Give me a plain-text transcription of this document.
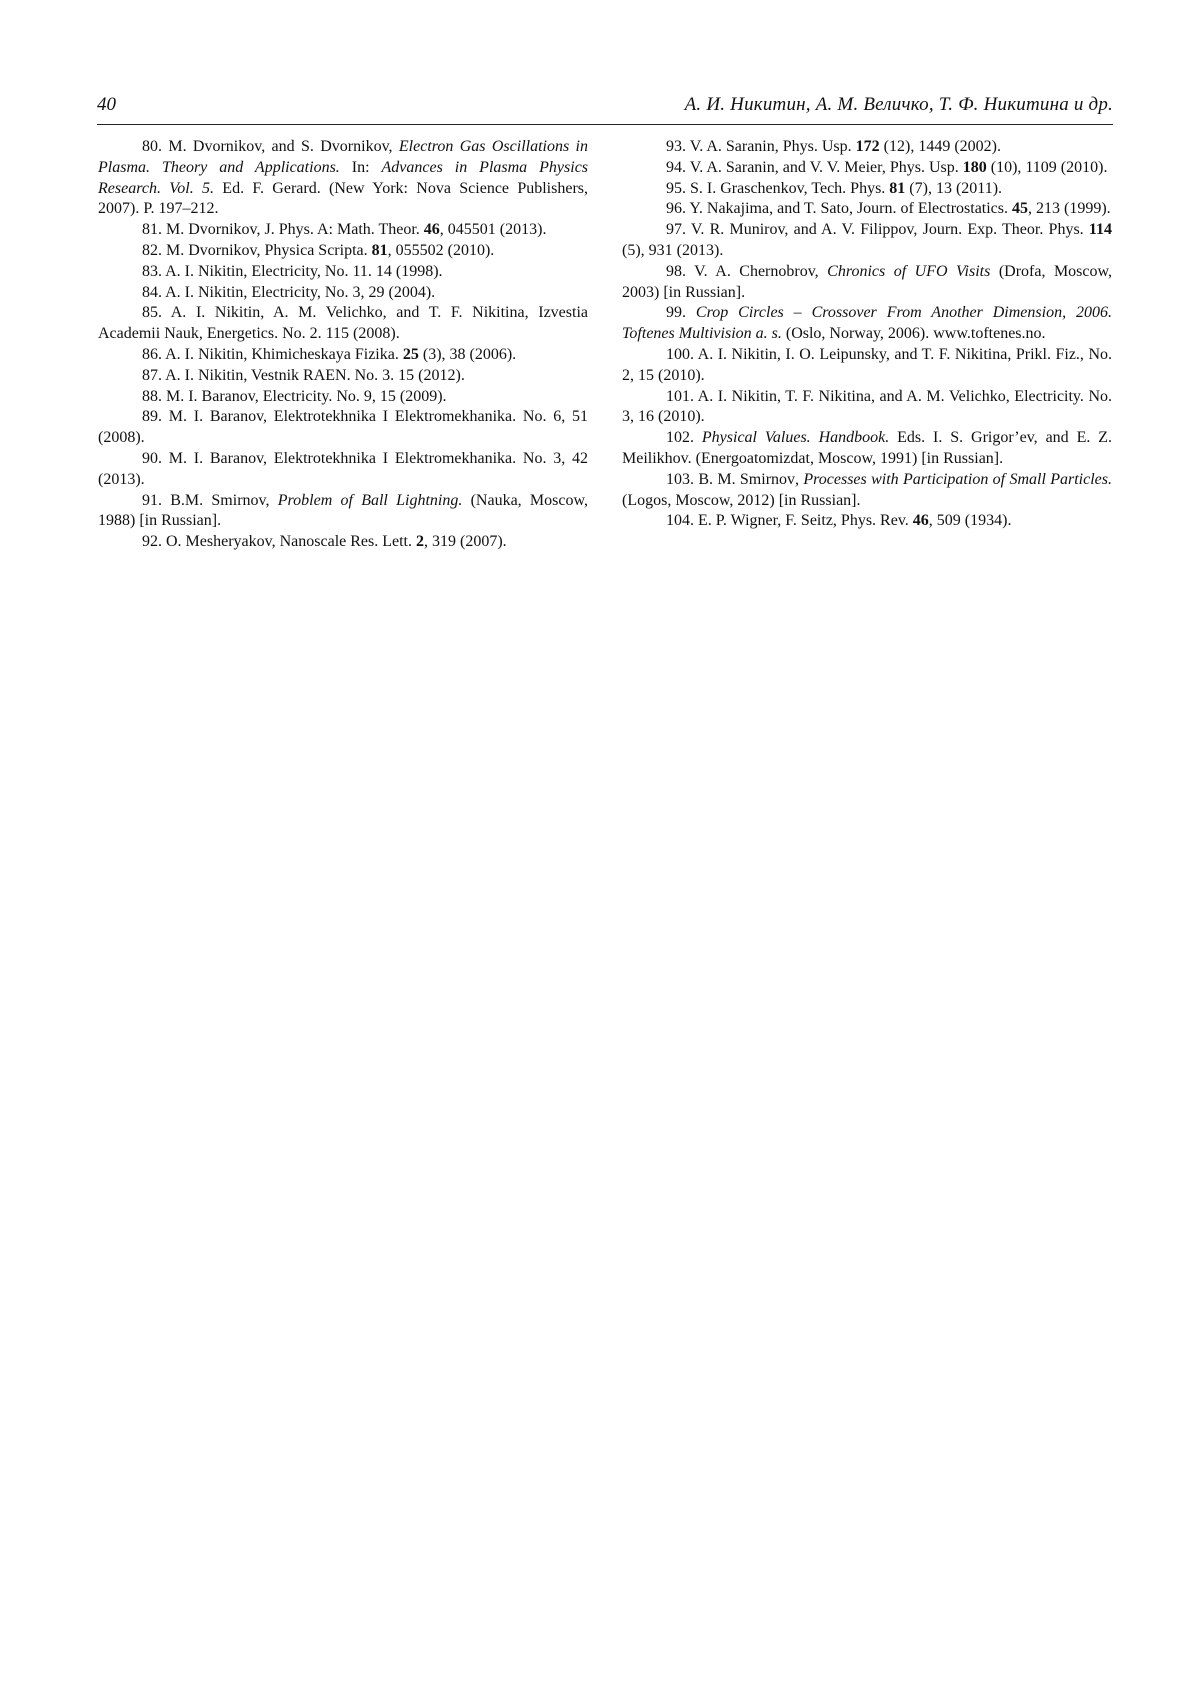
40	А. И. Никитин, А. М. Величко, Т. Ф. Никитина и др.

80. M. Dvornikov, and S. Dvornikov, Electron Gas Oscillations in Plasma. Theory and Applications. In: Advances in Plasma Physics Research. Vol. 5. Ed. F. Gerard. (New York: Nova Science Publishers, 2007). P. 197–212.

81. M. Dvornikov, J. Phys. A: Math. Theor. 46, 045501 (2013).

82. M. Dvornikov, Physica Scripta. 81, 055502 (2010).

83. A. I. Nikitin, Electricity, No. 11. 14 (1998).

84. A. I. Nikitin, Electricity, No. 3, 29 (2004).

85. A. I. Nikitin, A. M. Velichko, and T. F. Nikitina, Izvestia Academii Nauk, Energetics. No. 2. 115 (2008).

86. A. I. Nikitin, Khimicheskaya Fizika. 25 (3), 38 (2006).

87. A. I. Nikitin, Vestnik RAEN. No. 3. 15 (2012).

88. M. I. Baranov, Electricity. No. 9, 15 (2009).

89. M. I. Baranov, Elektrotekhnika I Elektromekhanika. No. 6, 51 (2008).

90. M. I. Baranov, Elektrotekhnika I Elektromekhanika. No. 3, 42 (2013).

91. B.M. Smirnov, Problem of Ball Lightning. (Nauka, Moscow, 1988) [in Russian].

92. O. Mesheryakov, Nanoscale Res. Lett. 2, 319 (2007).

93. V. A. Saranin, Phys. Usp. 172 (12), 1449 (2002).

94. V. A. Saranin, and V. V. Meier, Phys. Usp. 180 (10), 1109 (2010).

95. S. I. Graschenkov, Tech. Phys. 81 (7), 13 (2011).

96. Y. Nakajima, and T. Sato, Journ. of Electrostatics. 45, 213 (1999).

97. V. R. Munirov, and A. V. Filippov, Journ. Exp. Theor. Phys. 114 (5), 931 (2013).

98. V. A. Chernobrov, Chronics of UFO Visits (Drofa, Moscow, 2003) [in Russian].

99. Crop Circles – Crossover From Another Dimension, 2006. Toftenes Multivision a. s. (Oslo, Norway, 2006). www.toftenes.no.

100. A. I. Nikitin, I. O. Leipunsky, and T. F. Nikitina, Prikl. Fiz., No. 2, 15 (2010).

101. A. I. Nikitin, T. F. Nikitina, and A. M. Velichko, Electricity. No. 3, 16 (2010).

102. Physical Values. Handbook. Eds. I. S. Grigor’ev, and E. Z. Meilikhov. (Energoatomizdat, Moscow, 1991) [in Russian].

103. B. M. Smirnov, Processes with Participation of Small Particles. (Logos, Moscow, 2012) [in Russian].

104. E. P. Wigner, F. Seitz, Phys. Rev. 46, 509 (1934).
